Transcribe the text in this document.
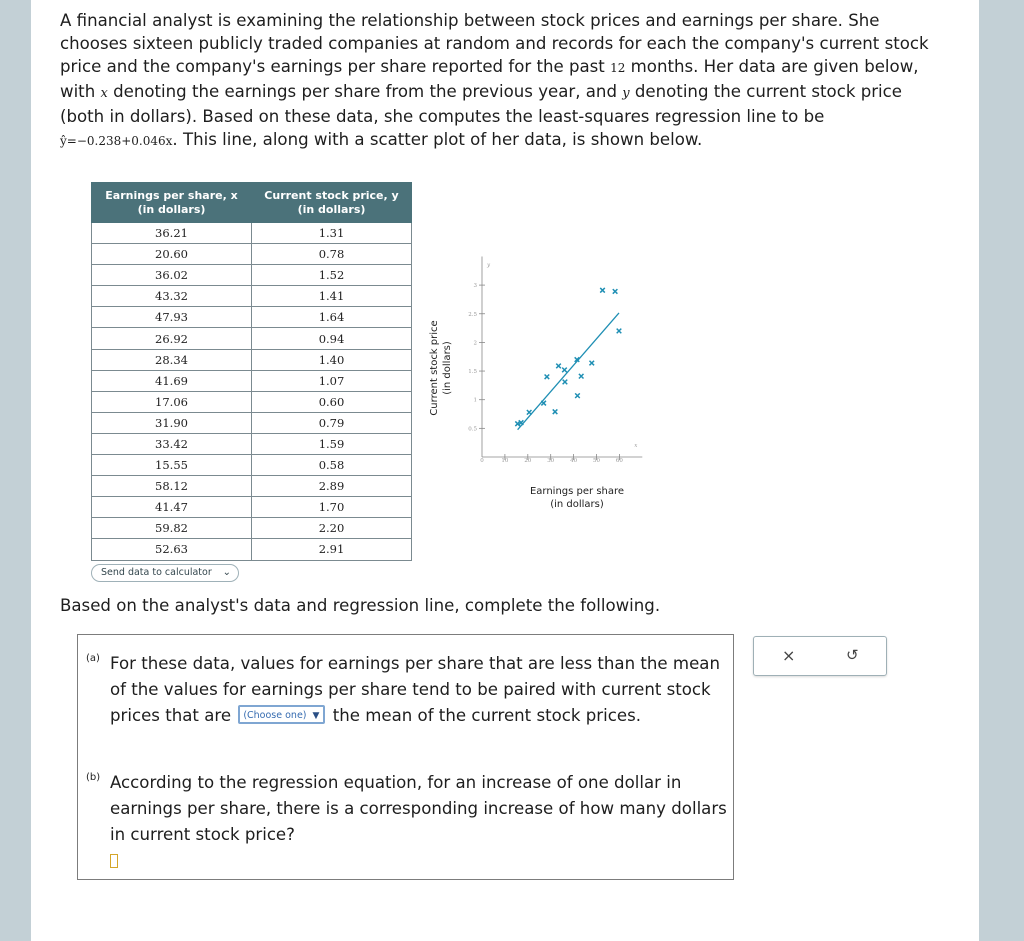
A financial analyst is examining the relationship between stock prices and earnings per share. She chooses sixteen publicly traded companies at random and records for each the company's current stock price and the company's earnings per share reported for the past 12 months. Her data are given below, with x denoting the earnings per share from the previous year, and y denoting the current stock price (both in dollars). Based on these data, she computes the least-squares regression line to be ŷ=−0.238+0.046x. This line, along with a scatter plot of her data, is shown below.

Earnings per share, x (in dollars)	Current stock price, y (in dollars)
36.21	1.31
20.60	0.78
36.02	1.52
43.32	1.41
47.93	1.64
26.92	0.94
28.34	1.40
41.69	1.07
17.06	0.60
31.90	0.79
33.42	1.59
15.55	0.58
58.12	2.89
41.47	1.70
59.82	2.20
52.63	2.91
Send data to calculator ⌄
0	10	20	30	40	50	60
0.5
1
1.5
2
2.5
3
x
y
Earnings per share (in dollars)
Current stock price (in dollars)
Based on the analyst's data and regression line, complete the following.
(a) For these data, values for earnings per share that are less than the mean of the values for earnings per share tend to be paired with current stock prices that are (Choose one) ▼ the mean of the current stock prices.
(b) According to the regression equation, for an increase of one dollar in earnings per share, there is a corresponding increase of how many dollars in current stock price?

×	↺
